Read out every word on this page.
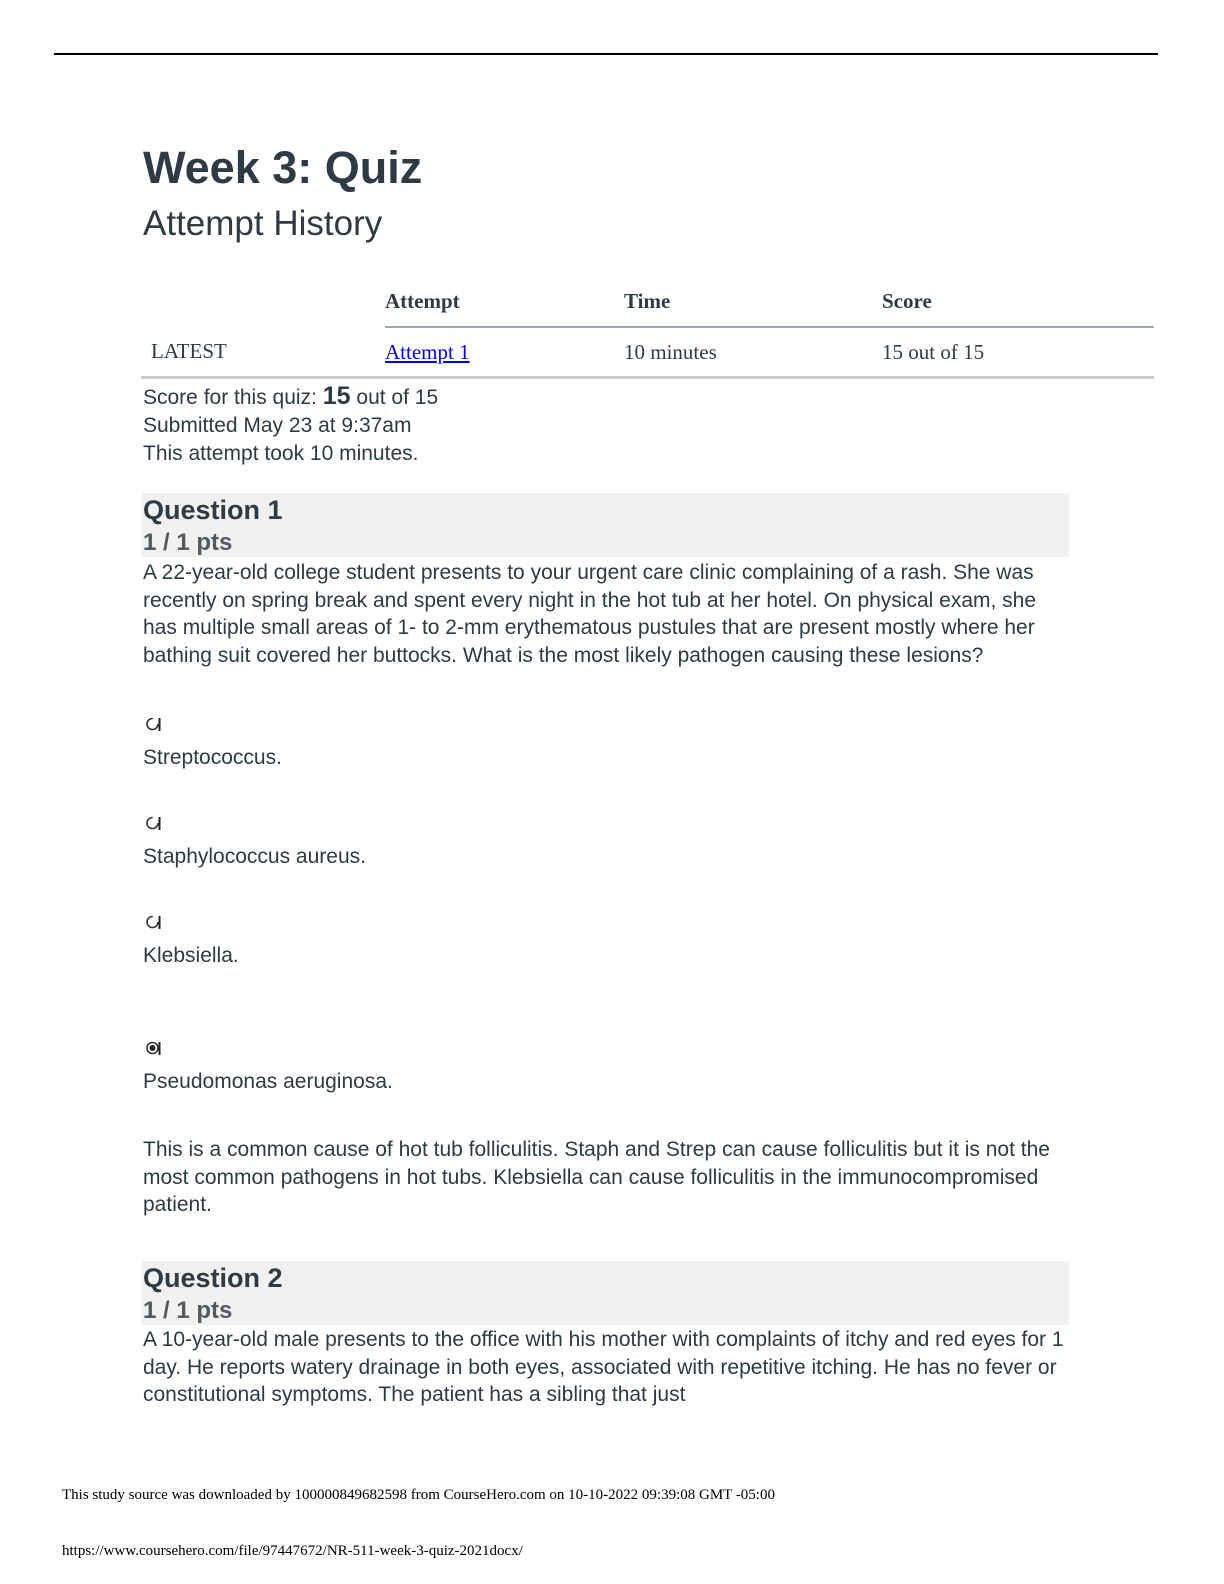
Week 3: Quiz
Attempt History
	Attempt	Time	Score
LATEST	Attempt 1	10 minutes	15 out of 15
Score for this quiz: 15 out of 15
Submitted May 23 at 9:37am
This attempt took 10 minutes.
Question 1
1 / 1 pts
A 22-year-old college student presents to your urgent care clinic complaining of a rash. She was recently on spring break and spent every night in the hot tub at her hotel. On physical exam, she has multiple small areas of 1- to 2-mm erythematous pustules that are present mostly where her bathing suit covered her buttocks. What is the most likely pathogen causing these lesions?
Streptococcus.
Staphylococcus aureus.
Klebsiella.
Pseudomonas aeruginosa.
This is a common cause of hot tub folliculitis. Staph and Strep can cause folliculitis but it is not the most common pathogens in hot tubs. Klebsiella can cause folliculitis in the immunocompromised patient.
Question 2
1 / 1 pts
A 10-year-old male presents to the office with his mother with complaints of itchy and red eyes for 1 day. He reports watery drainage in both eyes, associated with repetitive itching. He has no fever or constitutional symptoms. The patient has a sibling that just
This study source was downloaded by 100000849682598 from CourseHero.com on 10-10-2022 09:39:08 GMT -05:00
https://www.coursehero.com/file/97447672/NR-511-week-3-quiz-2021docx/
